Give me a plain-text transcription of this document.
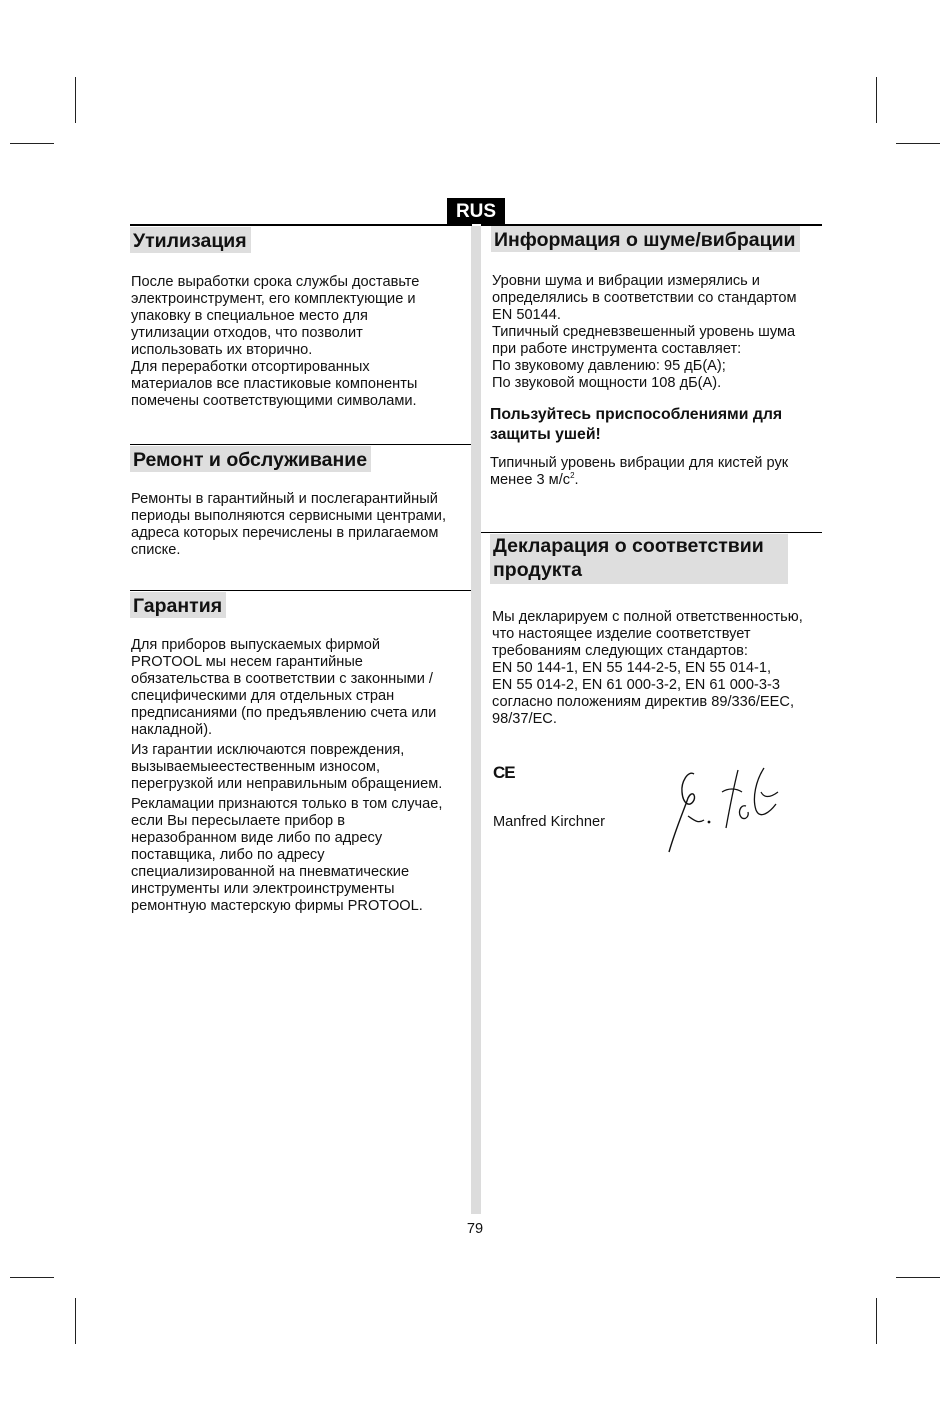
RUS
Утилизация

После выработки срока службы доставьте

электроинструмент, его комплектующие и

упаковку в специальное место для

утилизации отходов, что позволит

использовать их вторично.

Для переработки отсортированных

материалов все пластиковые компоненты

помечены соответствующими символами.

Ремонт и обслуживание

Ремонты в гарантийный и послегарантийный

периоды выполняются сервисными центрами,

адреса которых перечислены в прилагаемом

списке.

Гарантия

Для приборов выпускаемых фирмой

PROTOOL мы несем гарантийные

обязательства в соответствии с законными /

специфическими для отдельных стран

предписаниями (по предъявлению счета или

накладной).

Из гарантии исключаются повреждения,

вызываемыеестественным износом,

перегрузкой или неправильным обращением.

Рекламации признаются только в том случае,

если Вы пересылаете прибор в

неразобранном виде либо по адресу

поставщика, либо по адресу

специализированной на пневматические

инструменты или электроинструменты

ремонтную мастерскую фирмы PROTOOL.

Информация о шуме/вибрации

Уровни шума и вибрации измерялись и

определялись в соответствии со стандартом

EN 50144.

Типичный средневзвешенный уровень шума

при работе инструмента составляет:

По звуковому давлению: 95 дБ(A);

По звуковой мощности 108 дБ(A).

Пользуйтесь приспособлениями для
защиты ушей!

Типичный уровень вибрации для кистей рук

менее 3 $м/с^2$.

Декларация о соответствии
продукта

Мы декларируем с полной ответственностью,

что настоящее изделие соответствует

требованиям следующих стандартов:

EN 50 144-1, EN 55 144-2-5, EN 55 014-1,

EN 55 014-2, EN 61 000-3-2, EN 61 000-3-3

согласно положениям директив 89/336/EEC,

98/37/EC.

CE
Manfred Kirchner
79
